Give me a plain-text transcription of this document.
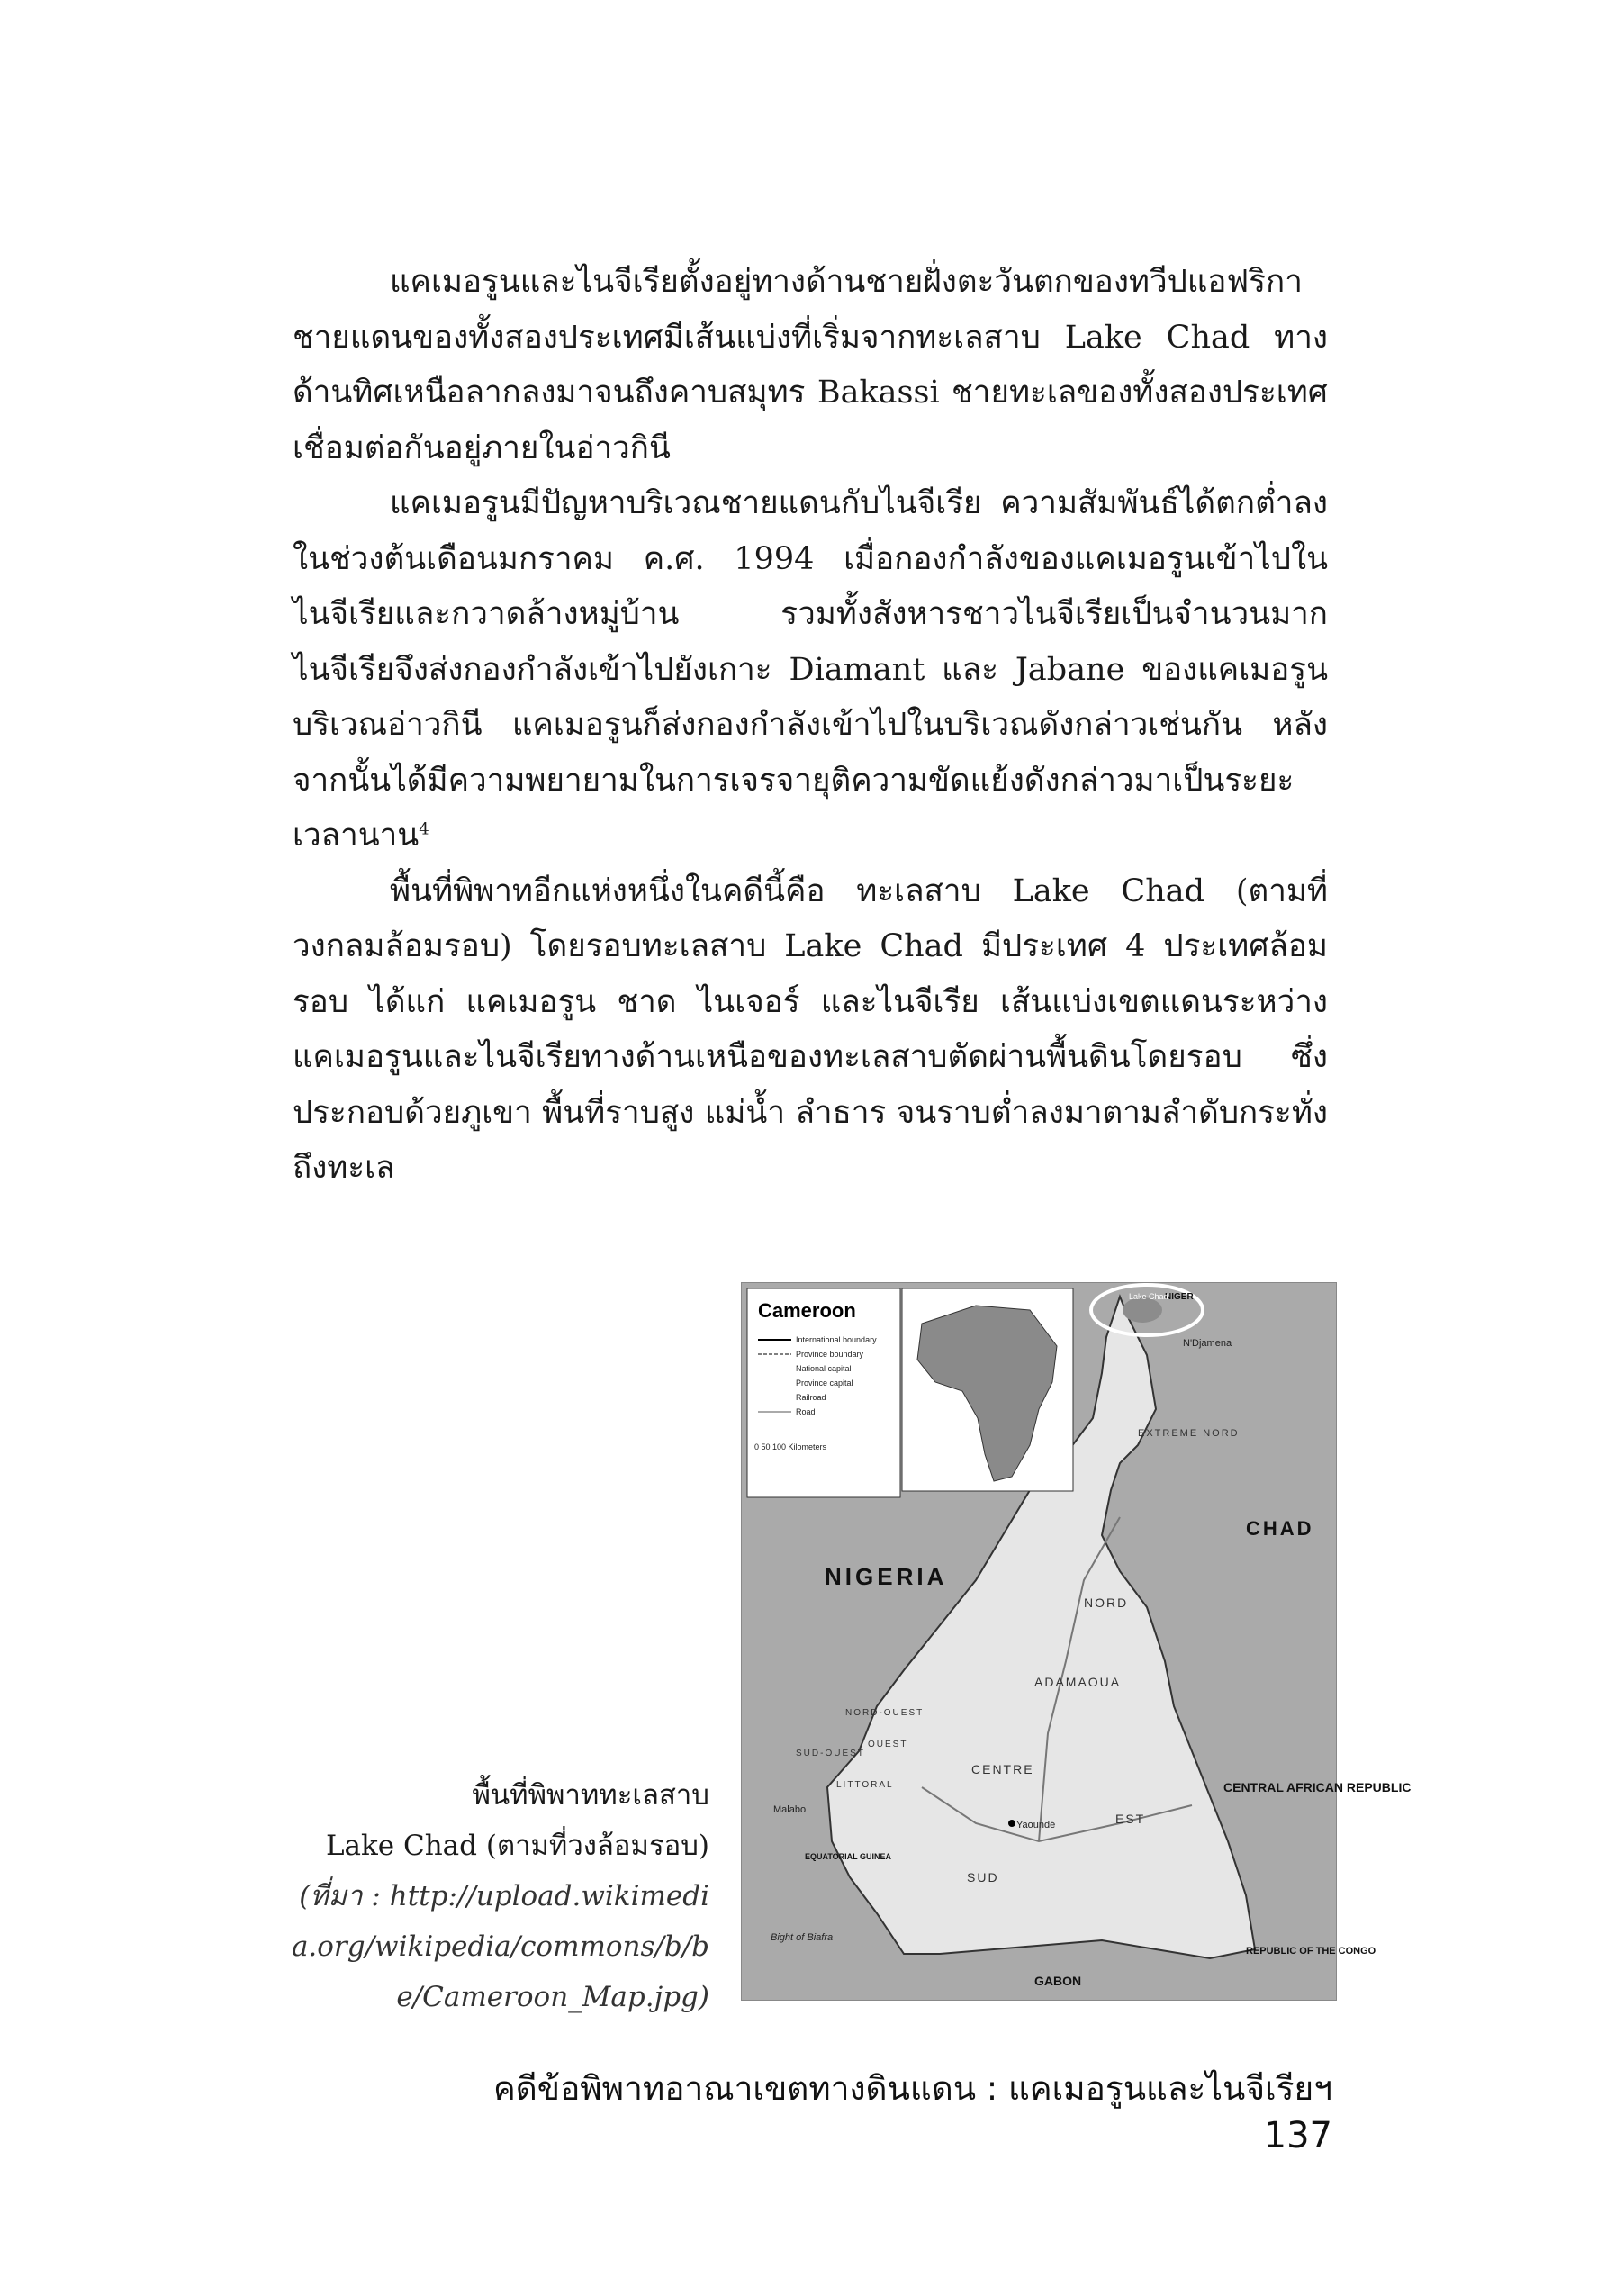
แคเมอรูนและไนจีเรียตั้งอยู่ทางด้านชายฝั่งตะวันตกของทวีปแอฟริกา ชายแดนของทั้งสองประเทศมีเส้นแบ่งที่เริ่มจากทะเลสาบ Lake Chad ทางด้านทิศเหนือลากลงมาจนถึงคาบสมุทร Bakassi ชายทะเลของทั้งสองประเทศเชื่อมต่อกันอยู่ภายในอ่าวกินี

แคเมอรูนมีปัญหาบริเวณชายแดนกับไนจีเรีย ความสัมพันธ์ได้ตกต่ำลงในช่วงต้นเดือนมกราคม ค.ศ. 1994 เมื่อกองกำลังของแคเมอรูนเข้าไปในไนจีเรียและกวาดล้างหมู่บ้าน รวมทั้งสังหารชาวไนจีเรียเป็นจำนวนมาก ไนจีเรียจึงส่งกองกำลังเข้าไปยังเกาะ Diamant และ Jabane ของแคเมอรูนบริเวณอ่าวกินี แคเมอรูนก็ส่งกองกำลังเข้าไปในบริเวณดังกล่าวเช่นกัน หลังจากนั้นได้มีความพยายามในการเจรจายุติความขัดแย้งดังกล่าวมาเป็นระยะเวลานาน$^4$

พื้นที่พิพาทอีกแห่งหนึ่งในคดีนี้คือ ทะเลสาบ Lake Chad (ตามที่วงกลมล้อมรอบ) โดยรอบทะเลสาบ Lake Chad มีประเทศ 4 ประเทศล้อมรอบ ได้แก่ แคเมอรูน ชาด ไนเจอร์ และไนจีเรีย เส้นแบ่งเขตแดนระหว่างแคเมอรูนและไนจีเรียทางด้านเหนือของทะเลสาบตัดผ่านพื้นดินโดยรอบ ซึ่งประกอบด้วยภูเขา พื้นที่ราบสูง แม่น้ำ ลำธาร จนราบต่ำลงมาตามลำดับกระทั่งถึงทะเล

Cameroon
International boundary
Province boundary
National capital
Province capital
Railroad
Road
0 50 100 Kilometers
NIGERIA
CHAD
CENTRAL AFRICAN REPUBLIC
REPUBLIC OF THE CONGO
GABON
EQUATORIAL GUINEA
NIGER
EXTREME NORD
NORD
ADAMAOUA
CENTRE
EST
SUD
LITTORAL
SUD-OUEST
NORD-OUEST
OUEST
Yaoundé
N'Djamena
Malabo
Bight of Biafra
Lake Chad
พื้นที่พิพาททะเลสาบ
Lake Chad (ตามที่วงล้อมรอบ)
(ที่มา : http://upload.wikimedia.org/wikipedia/commons/b/be/Cameroon_Map.jpg)
คดีข้อพิพาทอาณาเขตทางดินแดน : แคเมอรูนและไนจีเรียฯ 137
